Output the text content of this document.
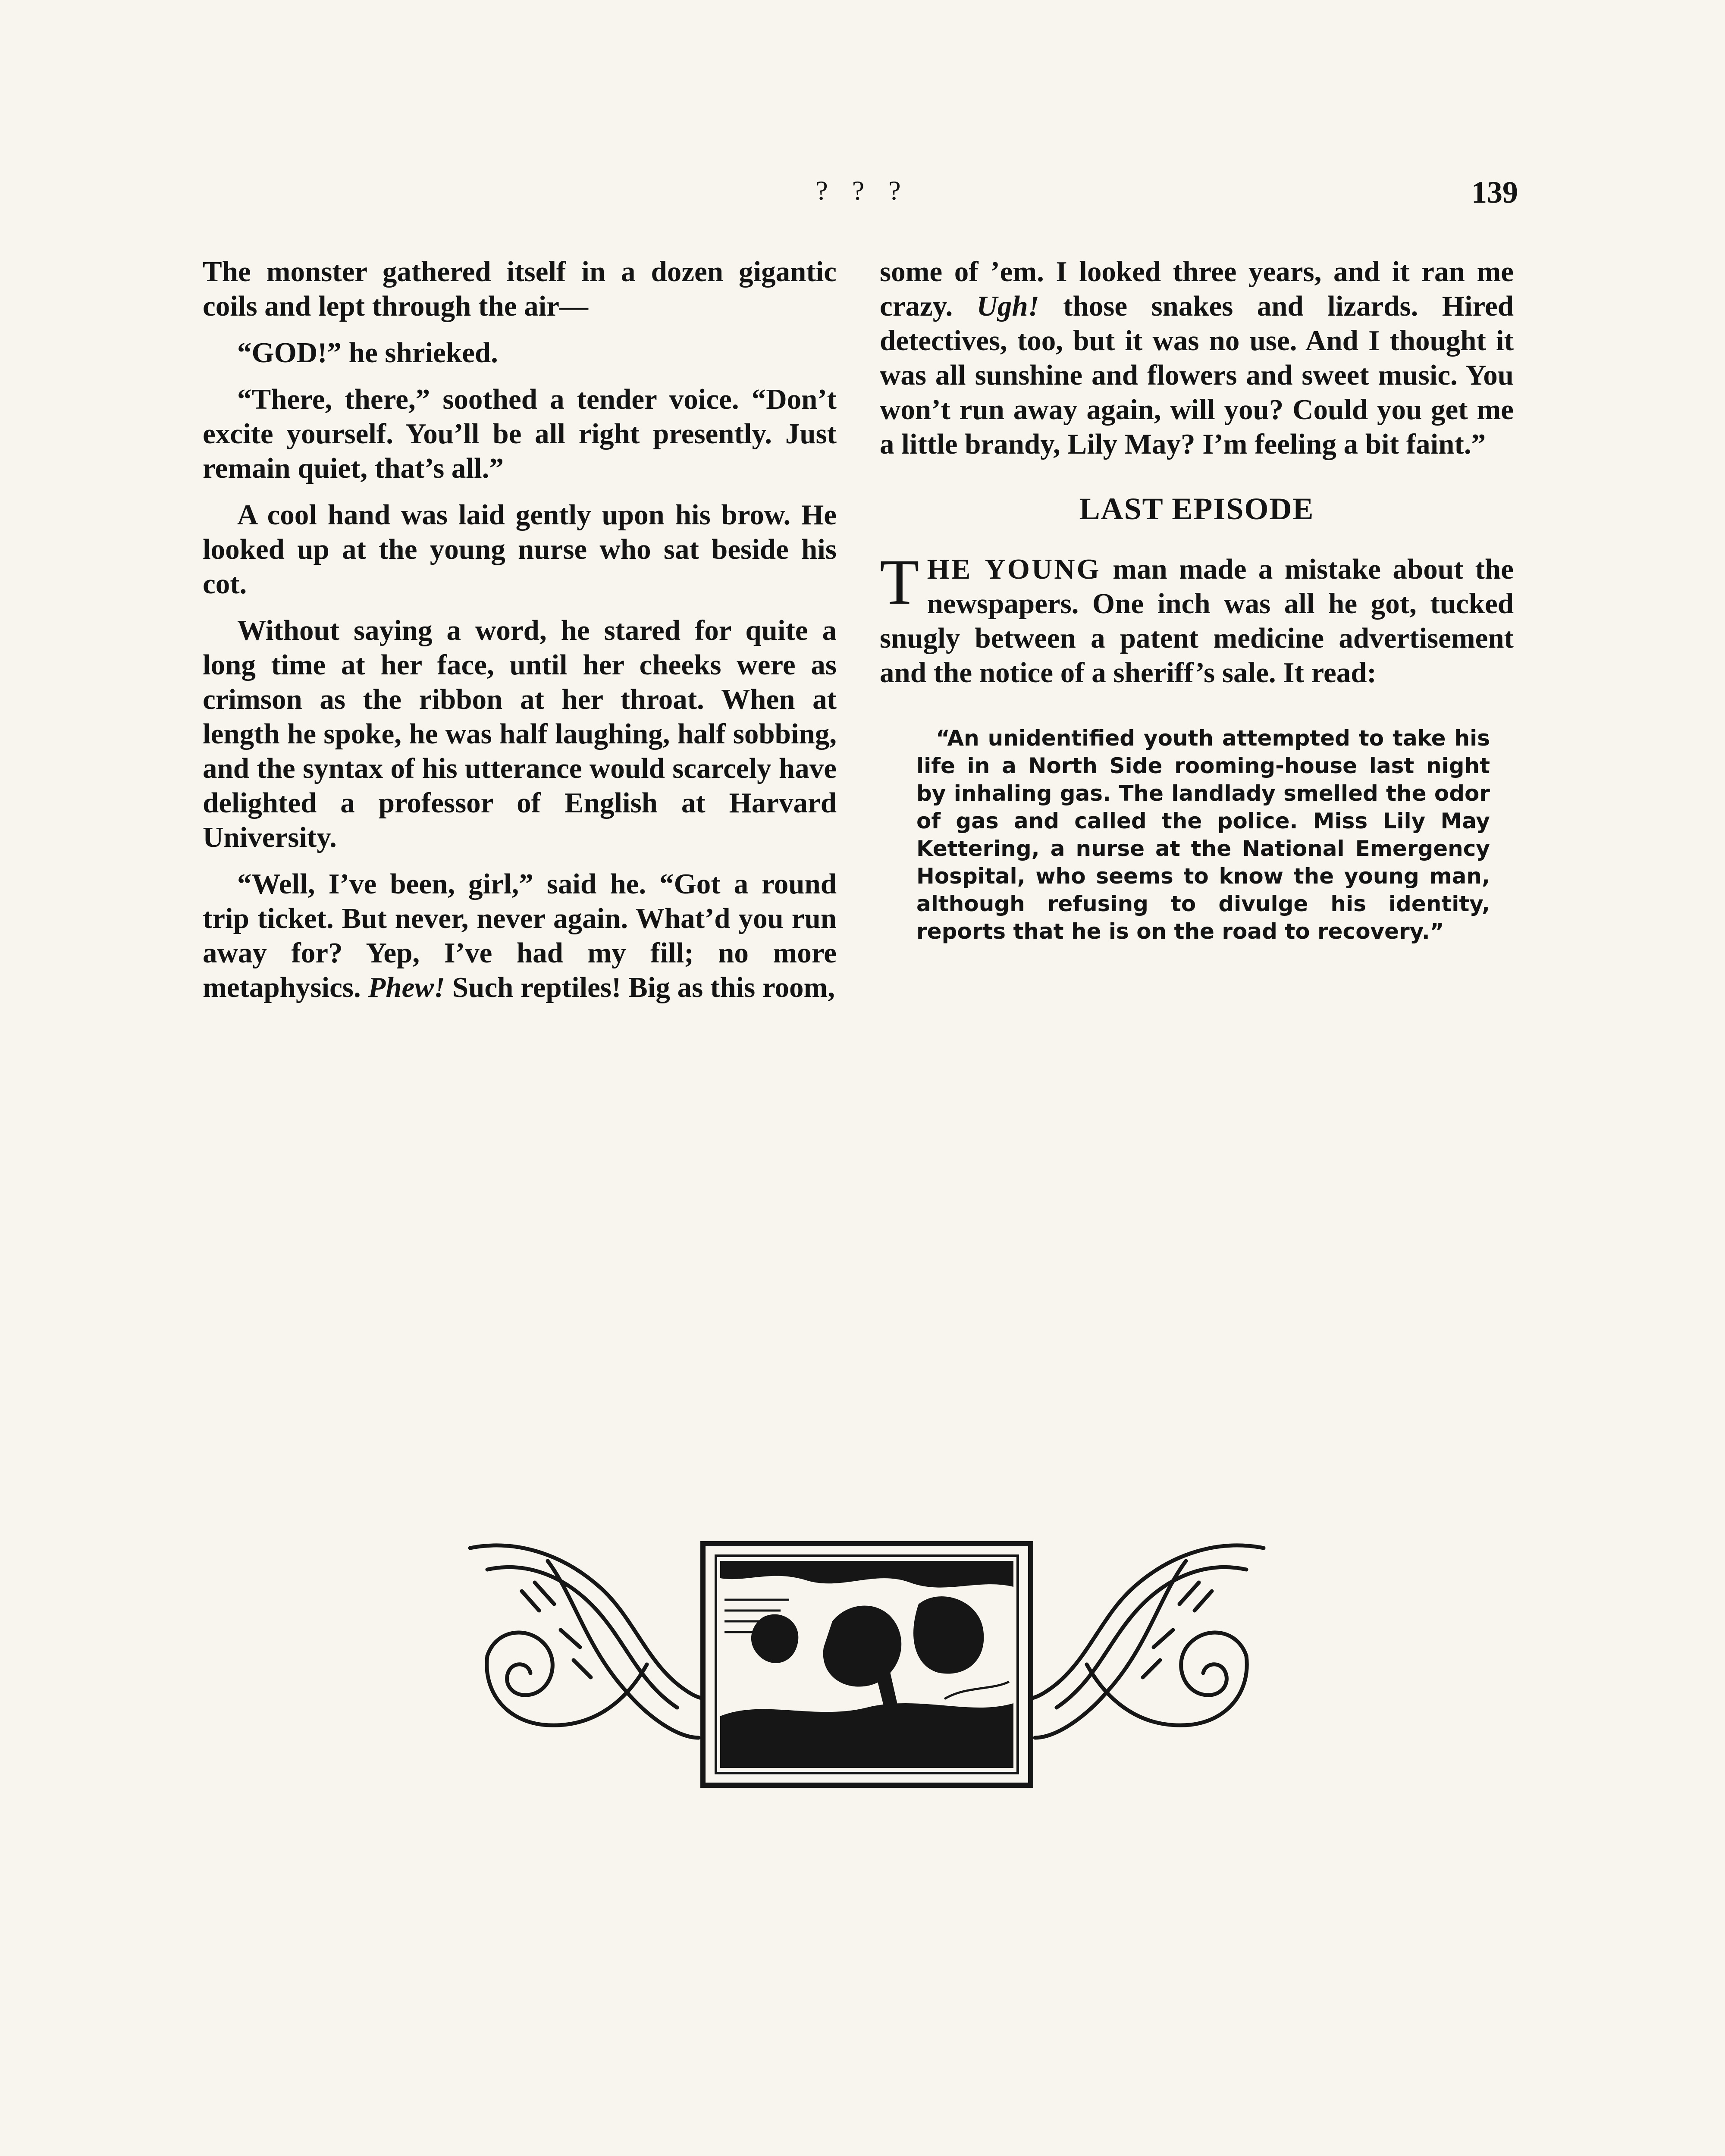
? ? ?	139

The monster gathered itself in a dozen gigantic coils and lept through the air—

“GOD!” he shrieked.

“There, there,” soothed a tender voice. “Don’t excite yourself. You’ll be all right presently. Just remain quiet, that’s all.”

A cool hand was laid gently upon his brow. He looked up at the young nurse who sat beside his cot.

Without saying a word, he stared for quite a long time at her face, until her cheeks were as crimson as the ribbon at her throat. When at length he spoke, he was half laughing, half sobbing, and the syntax of his utterance would scarcely have delighted a professor of English at Harvard University.

“Well, I’ve been, girl,” said he. “Got a round trip ticket. But never, never again. What’d you run away for? Yep, I’ve had my fill; no more metaphysics. Phew! Such reptiles! Big as this room,

some of ’em. I looked three years, and it ran me crazy. Ugh! those snakes and lizards. Hired detectives, too, but it was no use. And I thought it was all sunshine and flowers and sweet music. You won’t run away again, will you? Could you get me a little brandy, Lily May? I’m feeling a bit faint.”

LAST EPISODE

THE YOUNG man made a mistake about the newspapers. One inch was all he got, tucked snugly between a patent medicine advertisement and the notice of a sheriff’s sale. It read:

“An unidentified youth attempted to take his life in a North Side rooming-house last night by inhaling gas. The landlady smelled the odor of gas and called the police. Miss Lily May Kettering, a nurse at the National Emergency Hospital, who seems to know the young man, although refusing to divulge his identity, reports that he is on the road to recovery.”
